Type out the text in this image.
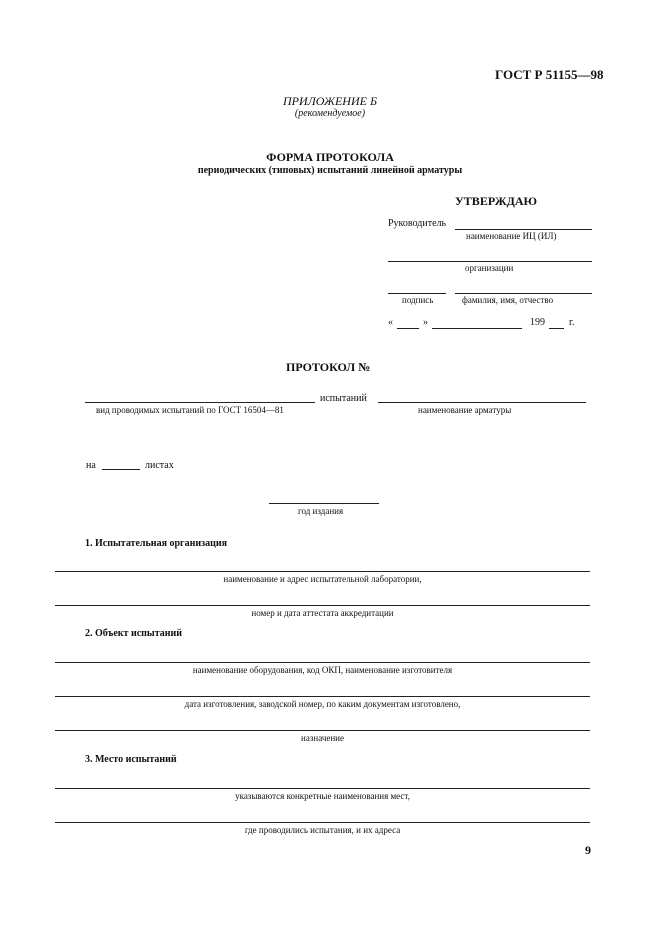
ГОСТ Р 51155—98
ПРИЛОЖЕНИЕ Б
(рекомендуемое)
ФОРМА ПРОТОКОЛА
периодических (типовых) испытаний линейной арматуры
УТВЕРЖДАЮ
Руководитель
наименование ИЦ (ИЛ)
организации
подпись	фамилия, имя, отчество
«	»	199 г.
ПРОТОКОЛ №
испытаний
вид проводимых испытаний по ГОСТ 16504—81	наименование арматуры
на	листах
год издания
1. Испытательная организация
наименование и адрес испытательной лаборатории,
номер и дата аттестата аккредитации
2. Объект испытаний
наименование оборудования, код ОКП, наименование изготовителя
дата изготовления, заводской номер, по каким документам изготовлено,
назначение
3. Место испытаний
указываются конкретные наименования мест,
где проводились испытания, и их адреса
9
